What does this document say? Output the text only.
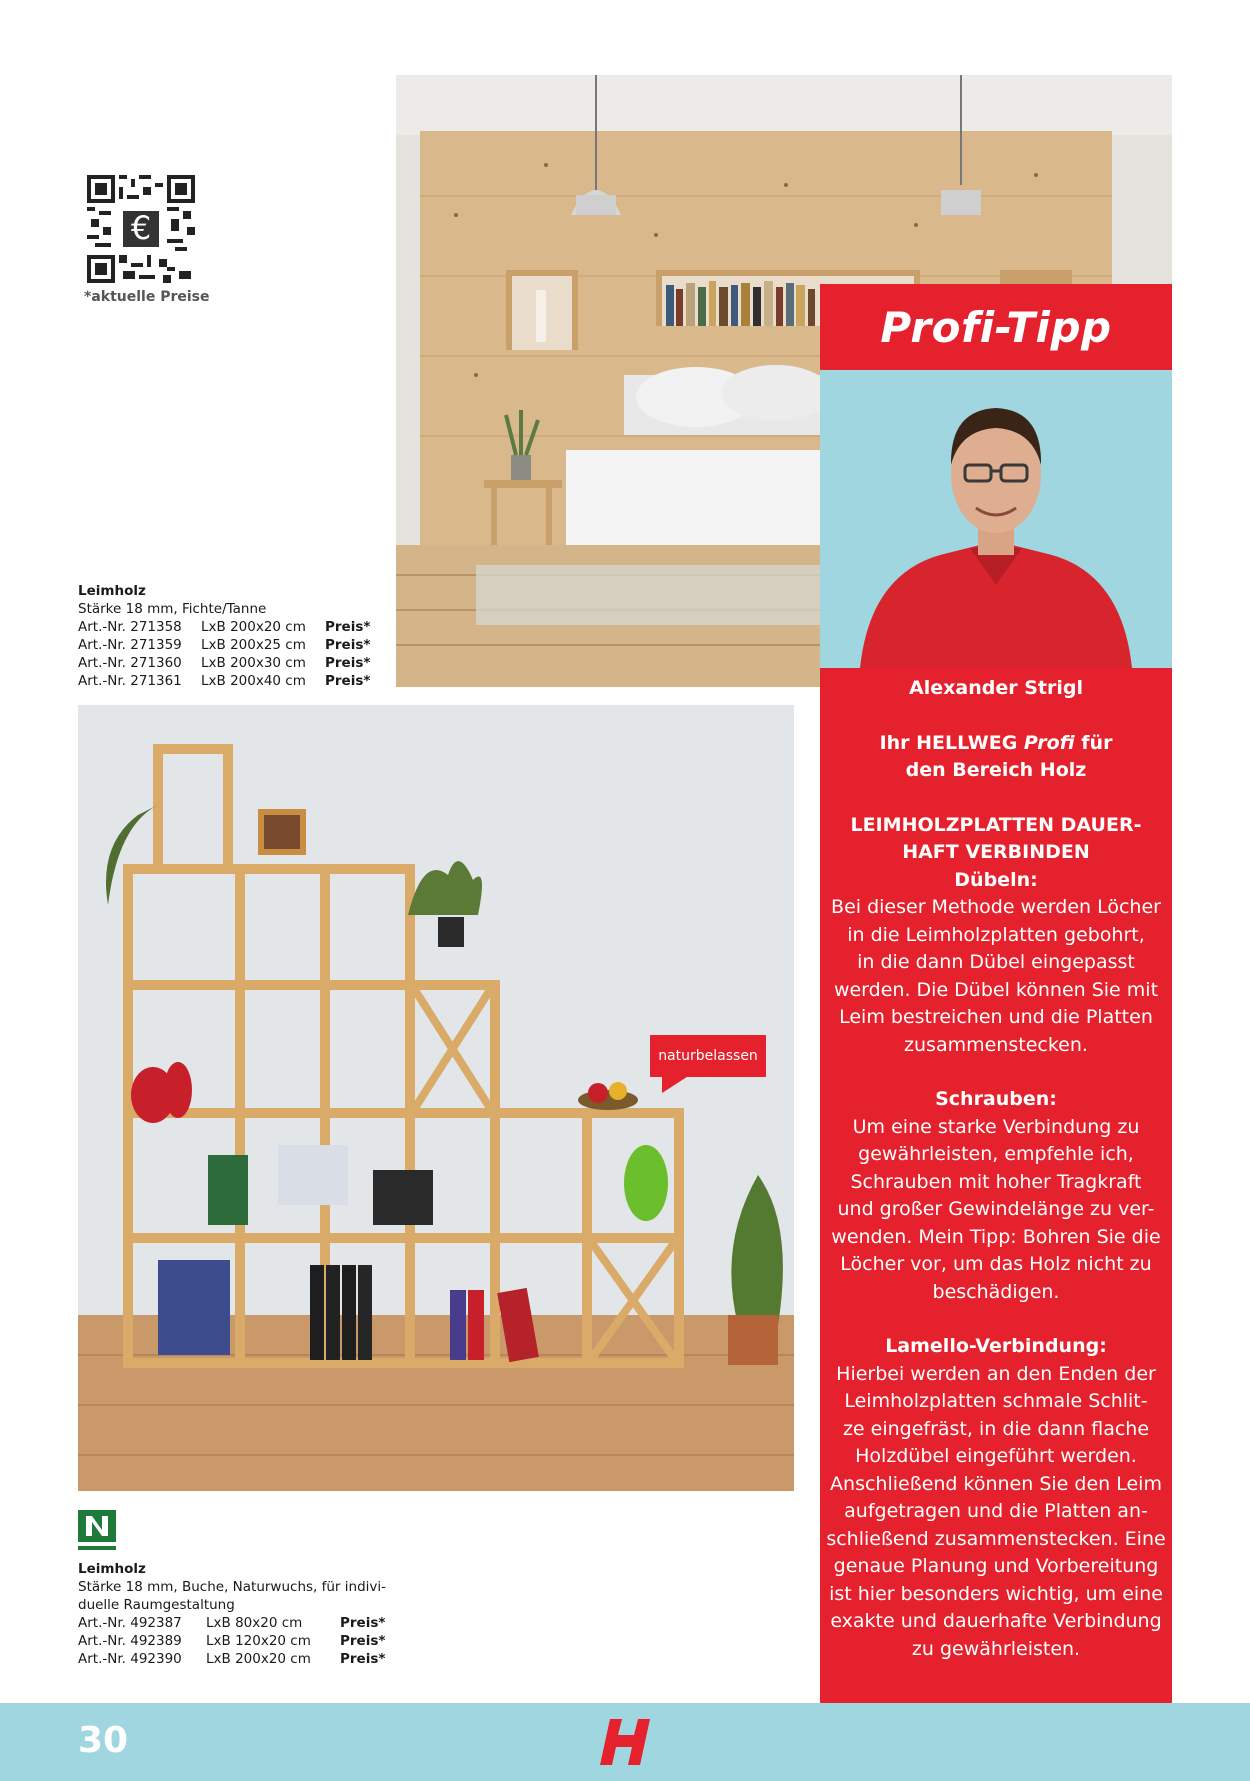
€
*aktuelle Preise
Leimholz
Stärke 18 mm, Fichte/Tanne
Art.-Nr. 271358	LxB 200x20 cm	Preis*
Art.-Nr. 271359	LxB 200x25 cm	Preis*
Art.-Nr. 271360	LxB 200x30 cm	Preis*
Art.-Nr. 271361	LxB 200x40 cm	Preis*
naturbelassen
Leimholz
Stärke 18 mm, Buche, Naturwuchs, für indivi-
duelle Raumgestaltung
Art.-Nr. 492387	LxB 80x20 cm	Preis*
Art.-Nr. 492389	LxB 120x20 cm	Preis*
Art.-Nr. 492390	LxB 200x20 cm	Preis*
Profi-Tipp

Alexander Strigl

Ihr HELLWEG Profi für

den Bereich Holz

LEIMHOLZPLATTEN DAUER-

HAFT VERBINDEN

Dübeln:

Bei dieser Methode werden Löcher

in die Leimholzplatten gebohrt,

in die dann Dübel eingepasst

werden. Die Dübel können Sie mit

Leim bestreichen und die Platten

zusammenstecken.

Schrauben:

Um eine starke Verbindung zu

gewährleisten, empfehle ich,

Schrauben mit hoher Tragkraft

und großer Gewindelänge zu ver-

wenden. Mein Tipp: Bohren Sie die

Löcher vor, um das Holz nicht zu

beschädigen.

Lamello-Verbindung:

Hierbei werden an den Enden der

Leimholzplatten schmale Schlit-

ze eingefräst, in die dann flache

Holzdübel eingeführt werden.

Anschließend können Sie den Leim

aufgetragen und die Platten an-

schließend zusammenstecken. Eine

genaue Planung und Vorbereitung

ist hier besonders wichtig, um eine

exakte und dauerhafte Verbindung

zu gewährleisten.

30
